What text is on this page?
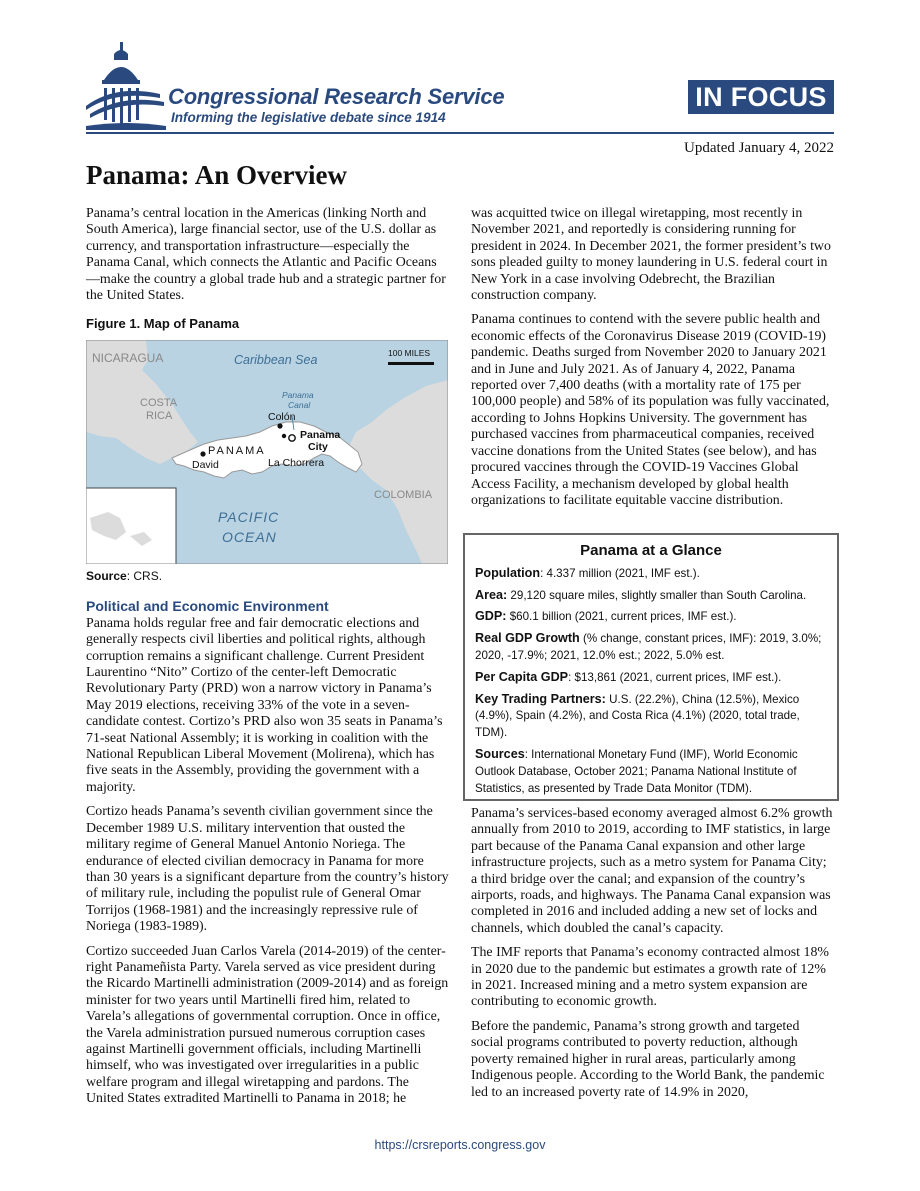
Congressional Research Service
Informing the legislative debate since 1914
IN FOCUS
Updated January 4, 2022
Panama: An Overview

Panama’s central location in the Americas (linking North and South America), large financial sector, use of the U.S. dollar as currency, and transportation infrastructure—especially the Panama Canal, which connects the Atlantic and Pacific Oceans—make the country a global trade hub and a strategic partner for the United States.

Figure 1. Map of Panama

100 MILES
NICARAGUA	Caribbean Sea
COSTA
RICA
Panama
Canal
Colón
Panama
City
PANAMA
David	La Chorrera
COLOMBIA
PACIFIC
OCEAN

Source: CRS.

Political and Economic Environment

Panama holds regular free and fair democratic elections and generally respects civil liberties and political rights, although corruption remains a significant challenge. Current President Laurentino “Nito” Cortizo of the center-left Democratic Revolutionary Party (PRD) won a narrow victory in Panama’s May 2019 elections, receiving 33% of the vote in a seven-candidate contest. Cortizo’s PRD also won 35 seats in Panama’s 71-seat National Assembly; it is working in coalition with the National Republican Liberal Movement (Molirena), which has five seats in the Assembly, providing the government with a majority.

Cortizo heads Panama’s seventh civilian government since the December 1989 U.S. military intervention that ousted the military regime of General Manuel Antonio Noriega. The endurance of elected civilian democracy in Panama for more than 30 years is a significant departure from the country’s history of military rule, including the populist rule of General Omar Torrijos (1968-1981) and the increasingly repressive rule of Noriega (1983-1989).

Cortizo succeeded Juan Carlos Varela (2014-2019) of the center-right Panameñista Party. Varela served as vice president during the Ricardo Martinelli administration (2009-2014) and as foreign minister for two years until Martinelli fired him, related to Varela’s allegations of governmental corruption. Once in office, the Varela administration pursued numerous corruption cases against Martinelli government officials, including Martinelli himself, who was investigated over irregularities in a public welfare program and illegal wiretapping and pardons. The United States extradited Martinelli to Panama in 2018; he

was acquitted twice on illegal wiretapping, most recently in November 2021, and reportedly is considering running for president in 2024. In December 2021, the former president’s two sons pleaded guilty to money laundering in U.S. federal court in New York in a case involving Odebrecht, the Brazilian construction company.

Panama continues to contend with the severe public health and economic effects of the Coronavirus Disease 2019 (COVID-19) pandemic. Deaths surged from November 2020 to January 2021 and in June and July 2021. As of January 4, 2022, Panama reported over 7,400 deaths (with a mortality rate of 175 per 100,000 people) and 58% of its population was fully vaccinated, according to Johns Hopkins University. The government has purchased vaccines from pharmaceutical companies, received vaccine donations from the United States (see below), and has procured vaccines through the COVID-19 Vaccines Global Access Facility, a mechanism developed by global health organizations to facilitate equitable vaccine distribution.

Panama at a Glance

Population: 4.337 million (2021, IMF est.).

Area: 29,120 square miles, slightly smaller than South Carolina.

GDP: $60.1 billion (2021, current prices, IMF est.).

Real GDP Growth (% change, constant prices, IMF): 2019, 3.0%; 2020, -17.9%; 2021, 12.0% est.; 2022, 5.0% est.

Per Capita GDP: $13,861 (2021, current prices, IMF est.).

Key Trading Partners: U.S. (22.2%), China (12.5%), Mexico (4.9%), Spain (4.2%), and Costa Rica (4.1%) (2020, total trade, TDM).

Sources: International Monetary Fund (IMF), World Economic Outlook Database, October 2021; Panama National Institute of Statistics, as presented by Trade Data Monitor (TDM).

Panama’s services-based economy averaged almost 6.2% growth annually from 2010 to 2019, according to IMF statistics, in large part because of the Panama Canal expansion and other large infrastructure projects, such as a metro system for Panama City; a third bridge over the canal; and expansion of the country’s airports, roads, and highways. The Panama Canal expansion was completed in 2016 and included adding a new set of locks and channels, which doubled the canal’s capacity.

The IMF reports that Panama’s economy contracted almost 18% in 2020 due to the pandemic but estimates a growth rate of 12% in 2021. Increased mining and a metro system expansion are contributing to economic growth.

Before the pandemic, Panama’s strong growth and targeted social programs contributed to poverty reduction, although poverty remained higher in rural areas, particularly among Indigenous people. According to the World Bank, the pandemic led to an increased poverty rate of 14.9% in 2020,

https://crsreports.congress.gov
